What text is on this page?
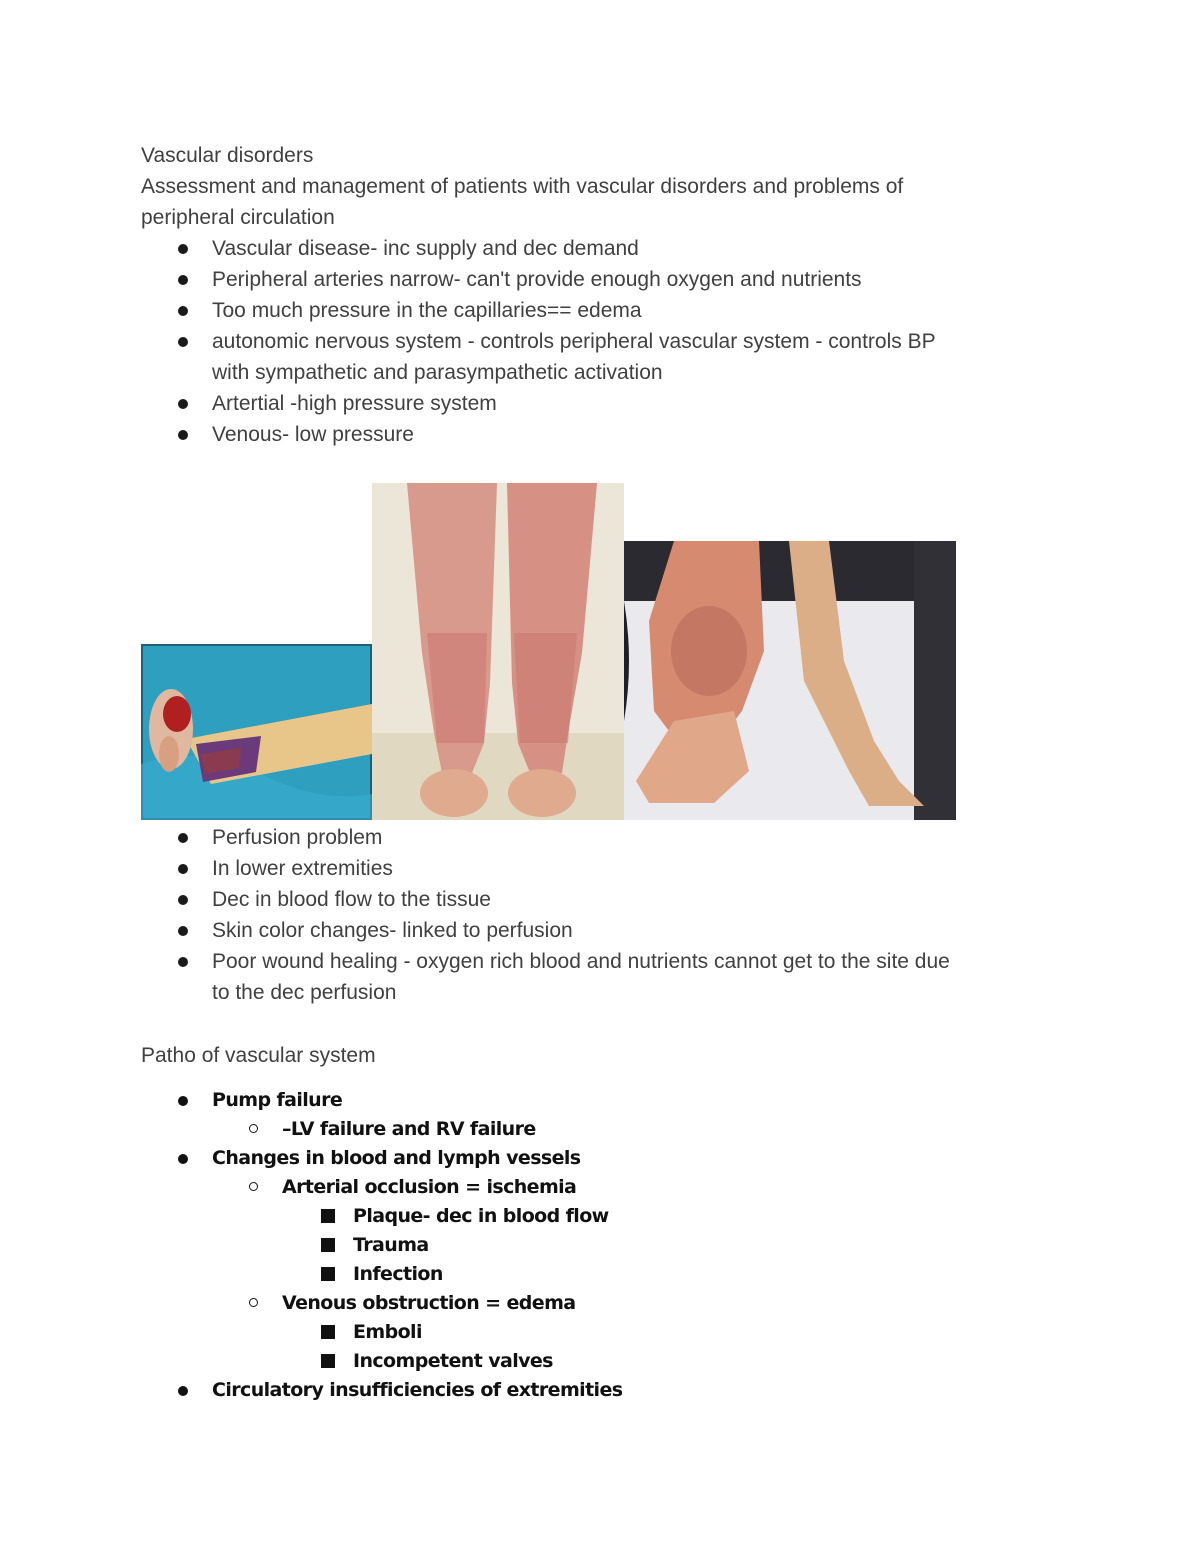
Vascular disorders
Assessment and management of patients with vascular disorders and problems of
peripheral circulation
Vascular disease- inc supply and dec demand
Peripheral arteries narrow- can't provide enough oxygen and nutrients
Too much pressure in the capillaries== edema
autonomic nervous system - controls peripheral vascular system - controls BP
with sympathetic and parasympathetic activation
Artertial -high pressure system
Venous- low pressure
Perfusion problem
In lower extremities
Dec in blood flow to the tissue
Skin color changes- linked to perfusion
Poor wound healing - oxygen rich blood and nutrients cannot get to the site due
to the dec perfusion
Patho of vascular system
Pump failure
–LV failure and RV failure
Changes in blood and lymph vessels
Arterial occlusion = ischemia
Plaque- dec in blood flow
Trauma
Infection
Venous obstruction = edema
Emboli
Incompetent valves
Circulatory insufficiencies of extremities
